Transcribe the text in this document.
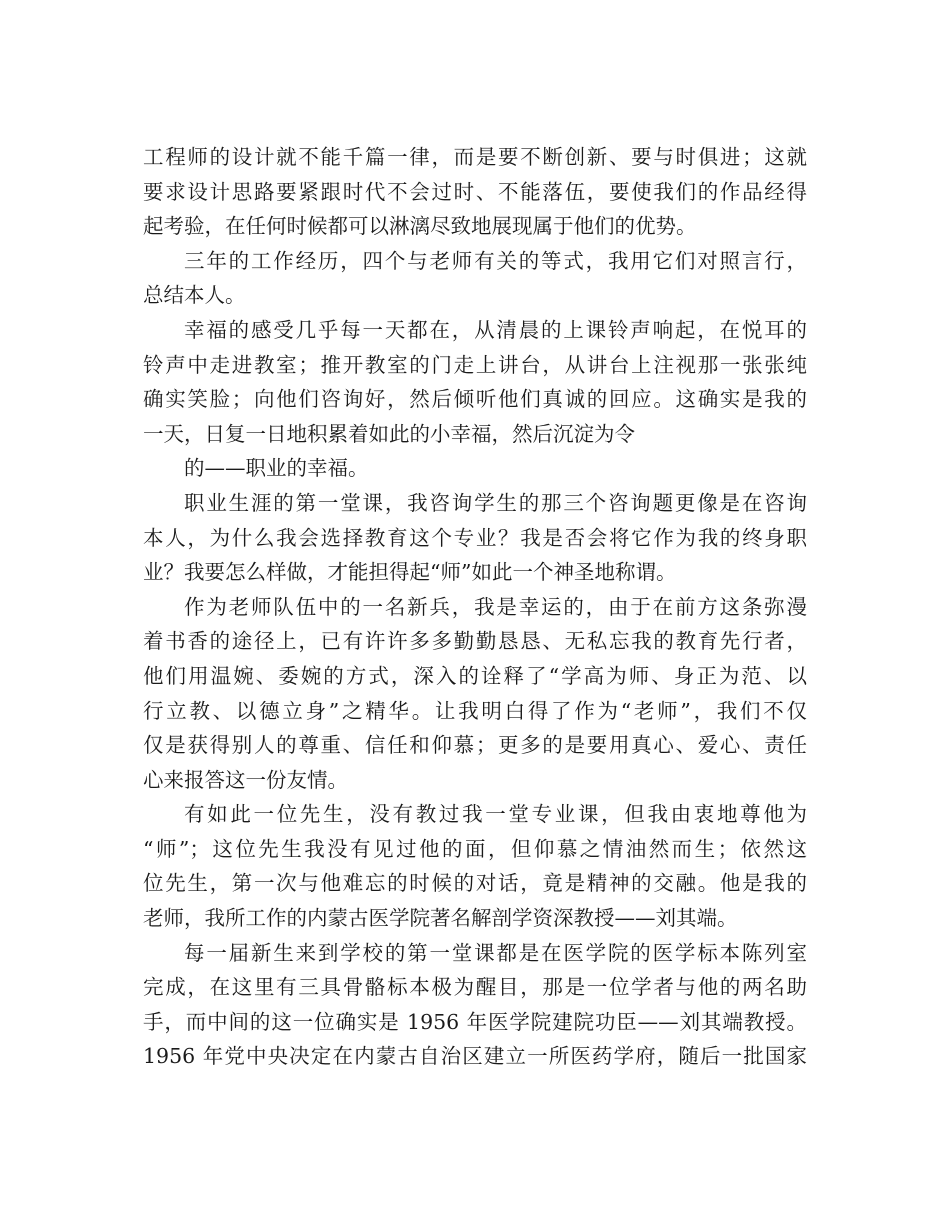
工程师的设计就不能千篇一律，而是要不断创新、要与时俱进；这就
要求设计思路要紧跟时代不会过时、不能落伍，要使我们的作品经得
起考验，在任何时候都可以淋漓尽致地展现属于他们的优势。
三年的工作经历，四个与老师有关的等式，我用它们对照言行，
总结本人。
幸福的感受几乎每一天都在，从清晨的上课铃声响起，在悦耳的
铃声中走进教室；推开教室的门走上讲台，从讲台上注视那一张张纯
确实笑脸；向他们咨询好，然后倾听他们真诚的回应。这确实是我的
一天，日复一日地积累着如此的小幸福，然后沉淀为令
的——职业的幸福。
职业生涯的第一堂课，我咨询学生的那三个咨询题更像是在咨询
本人，为什么我会选择教育这个专业？我是否会将它作为我的终身职
业？我要怎么样做，才能担得起“师”如此一个神圣地称谓。
作为老师队伍中的一名新兵，我是幸运的，由于在前方这条弥漫
着书香的途径上，已有许许多多勤勤恳恳、无私忘我的教育先行者，
他们用温婉、委婉的方式，深入的诠释了“学高为师、身正为范、以
行立教、以德立身”之精华。让我明白得了作为“老师”，我们不仅
仅是获得别人的尊重、信任和仰慕；更多的是要用真心、爱心、责任
心来报答这一份友情。
有如此一位先生，没有教过我一堂专业课，但我由衷地尊他为
“师”；这位先生我没有见过他的面，但仰慕之情油然而生；依然这
位先生，第一次与他难忘的时候的对话，竟是精神的交融。他是我的
老师，我所工作的内蒙古医学院著名解剖学资深教授——刘其端。
每一届新生来到学校的第一堂课都是在医学院的医学标本陈列室
完成，在这里有三具骨骼标本极为醒目，那是一位学者与他的两名助
手，而中间的这一位确实是 1956 年医学院建院功臣——刘其端教授。
1956 年党中央决定在内蒙古自治区建立一所医药学府，随后一批国家
